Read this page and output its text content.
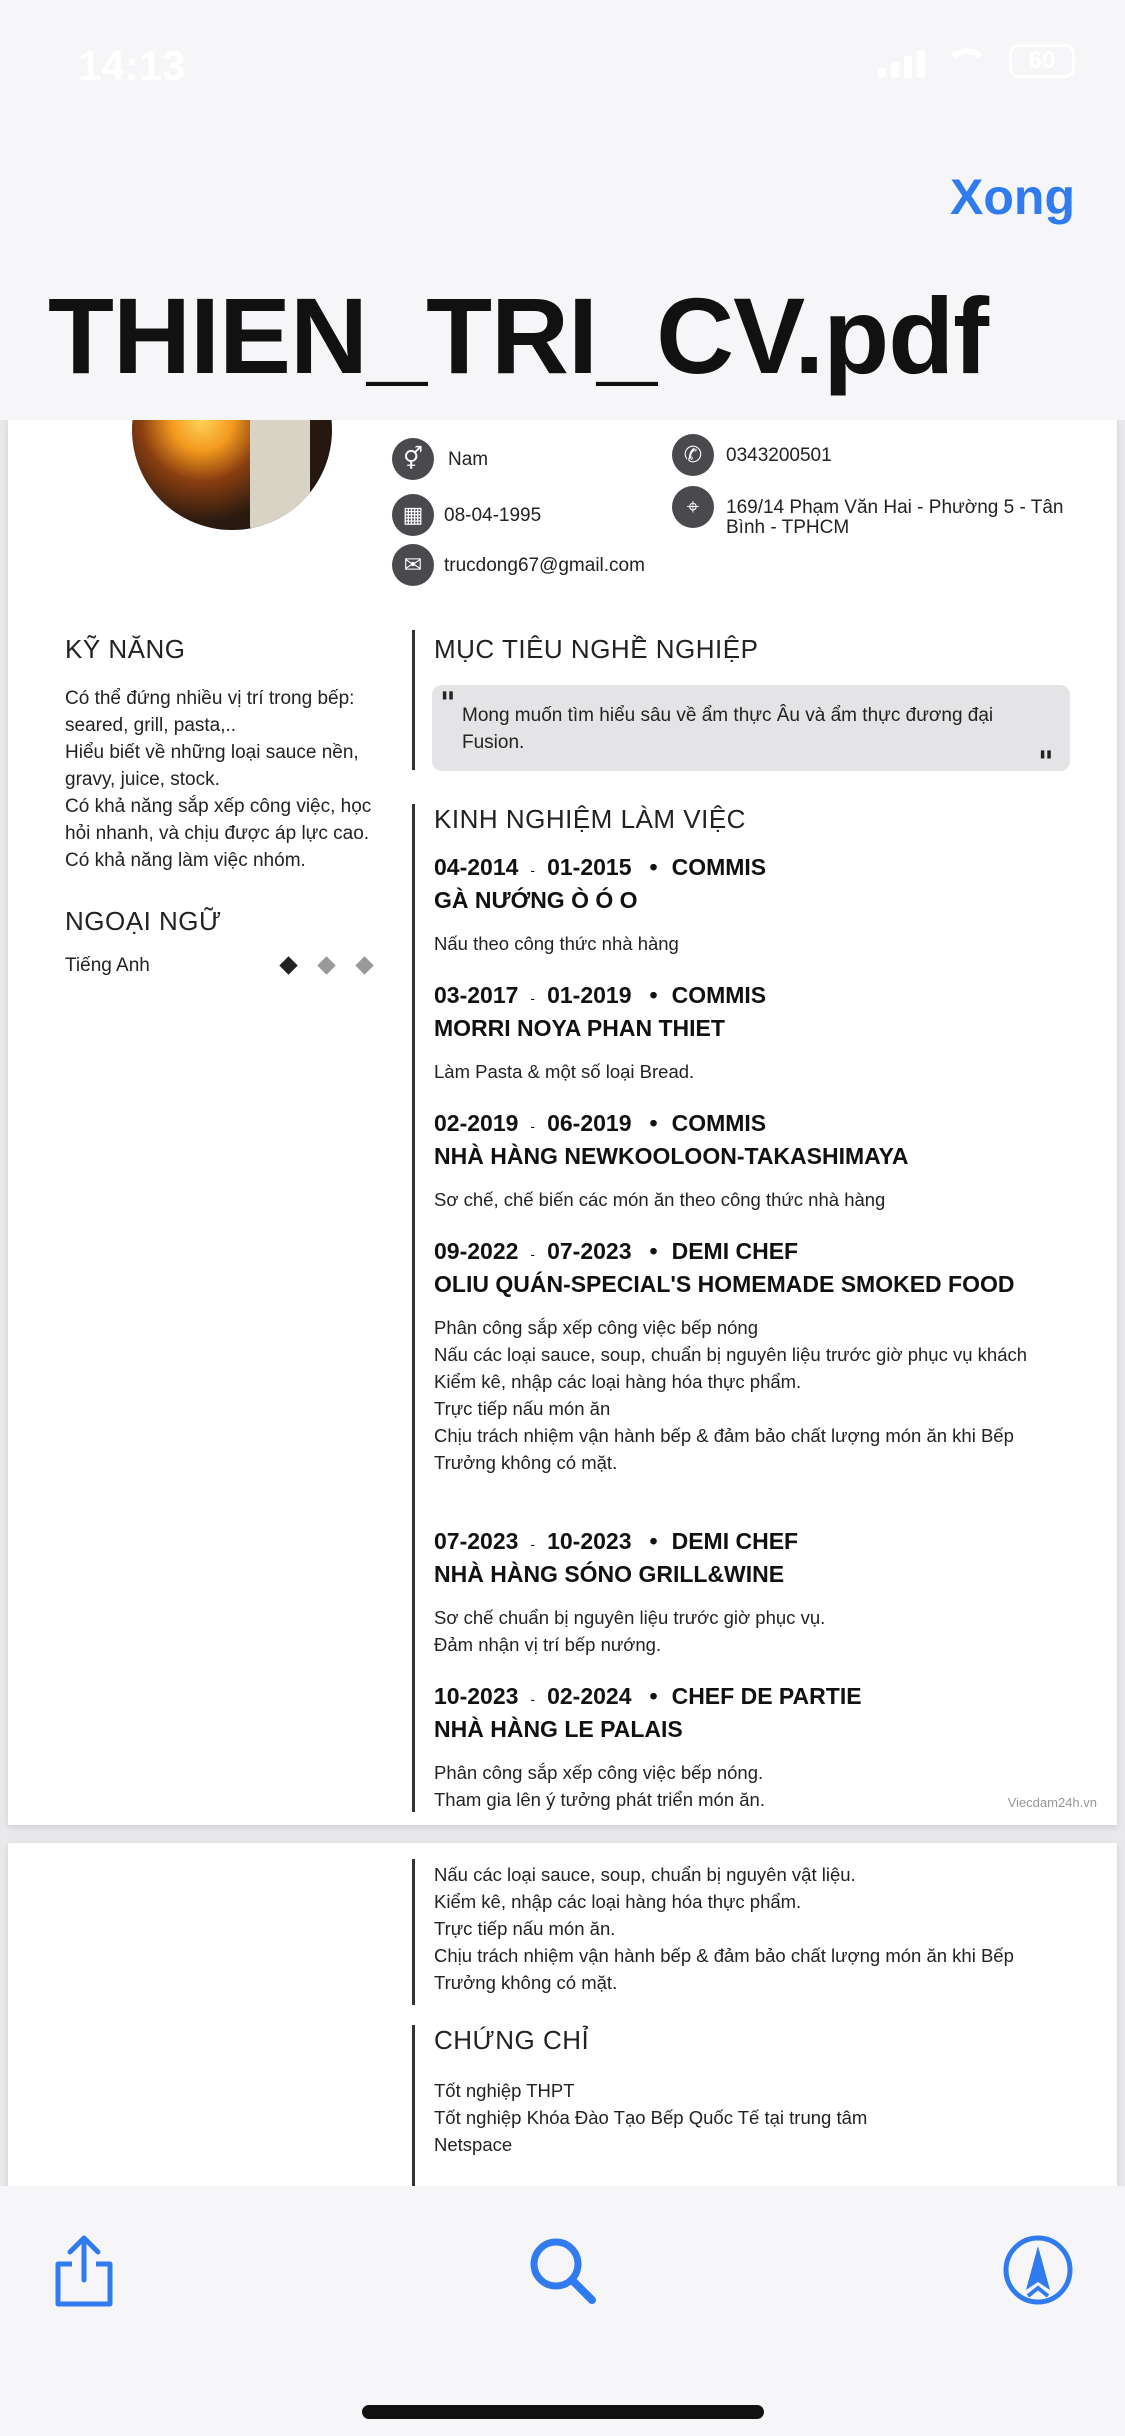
14:13	60
Xong
THIEN_TRI_CV.pdf
⚥	Nam
▦	08-04-1995
✉	trucdong67@gmail.com
✆	0343200501
⌖	169/14 Phạm Văn Hai - Phường 5 - Tân
Bình - TPHCM
KỸ NĂNG
Có thể đứng nhiều vị trí trong bếp:
seared, grill, pasta,..
Hiểu biết về những loại sauce nền,
gravy, juice, stock.
Có khả năng sắp xếp công việc, học
hỏi nhanh, và chịu được áp lực cao.
Có khả năng làm việc nhóm.
NGOẠI NGỮ
Tiếng Anh
MỤC TIÊU NGHỀ NGHIỆP
" Mong muốn tìm hiểu sâu về ẩm thực Âu và ẩm thực đương đại
Fusion.
"
KINH NGHIỆM LÀM VIỆC
04-2014 - 01-2015 • COMMIS
GÀ NƯỚNG Ò Ó O
Nấu theo công thức nhà hàng
03-2017 - 01-2019 • COMMIS
MORRI NOYA PHAN THIET
Làm Pasta & một số loại Bread.
02-2019 - 06-2019 • COMMIS
NHÀ HÀNG NEWKOOLOON-TAKASHIMAYA
Sơ chế, chế biến các món ăn theo công thức nhà hàng
09-2022 - 07-2023 • DEMI CHEF
OLIU QUÁN-SPECIAL'S HOMEMADE SMOKED FOOD
Phân công sắp xếp công việc bếp nóng
Nấu các loại sauce, soup, chuẩn bị nguyên liệu trước giờ phục vụ khách
Kiểm kê, nhập các loại hàng hóa thực phẩm.
Trực tiếp nấu món ăn
Chịu trách nhiệm vận hành bếp & đảm bảo chất lượng món ăn khi Bếp
Trưởng không có mặt.
07-2023 - 10-2023 • DEMI CHEF
NHÀ HÀNG SÓNO GRILL&WINE
Sơ chế chuẩn bị nguyên liệu trước giờ phục vụ.
Đảm nhận vị trí bếp nướng.
10-2023 - 02-2024 • CHEF DE PARTIE
NHÀ HÀNG LE PALAIS
Phân công sắp xếp công việc bếp nóng.
Tham gia lên ý tưởng phát triển món ăn.	Viecdam24h.vn
Nấu các loại sauce, soup, chuẩn bị nguyên vật liệu.
Kiểm kê, nhập các loại hàng hóa thực phẩm.
Trực tiếp nấu món ăn.
Chịu trách nhiệm vận hành bếp & đảm bảo chất lượng món ăn khi Bếp
Trưởng không có mặt.
CHỨNG CHỈ
Tốt nghiệp THPT
Tốt nghiệp Khóa Đào Tạo Bếp Quốc Tế tại trung tâm
Netspace
